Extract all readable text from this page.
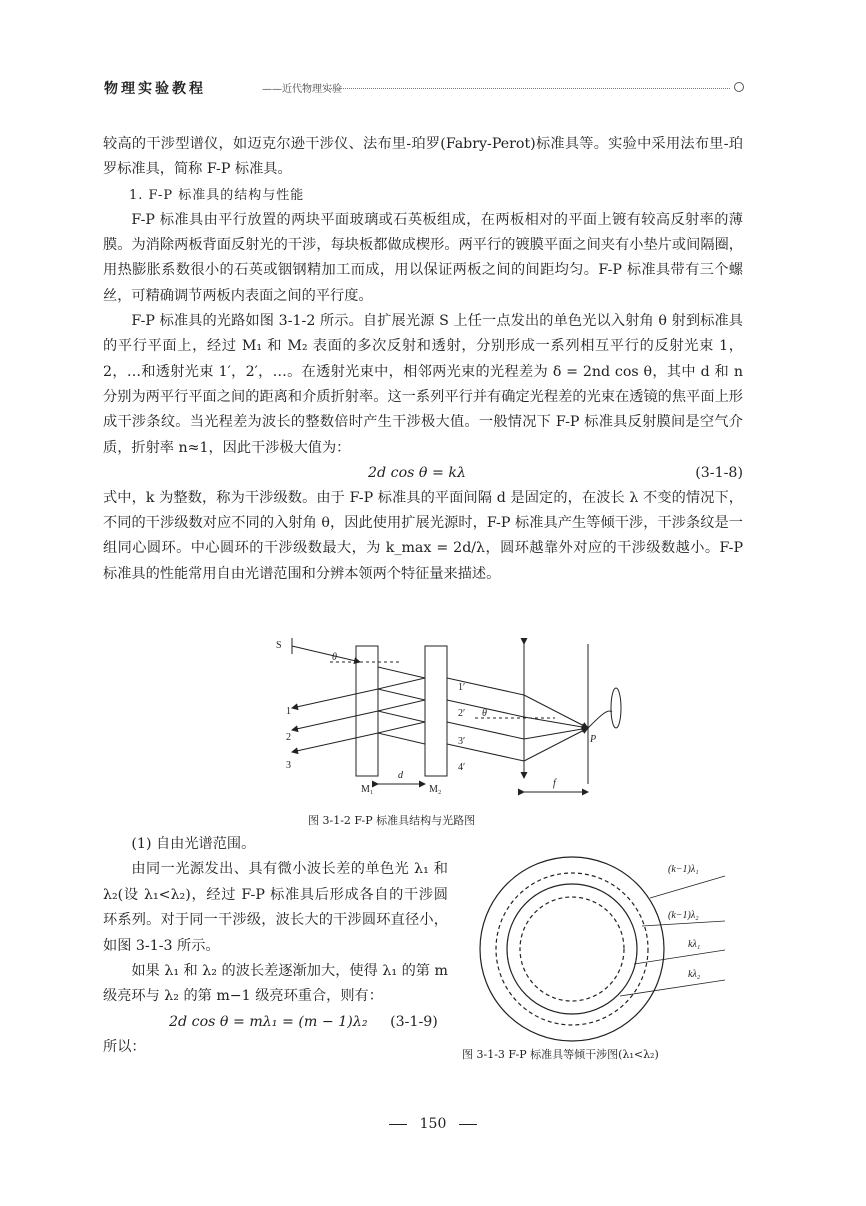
物理实验教程	——近代物理实验

较高的干涉型谱仪，如迈克尔逊干涉仪、法布里-珀罗(Fabry-Perot)标准具等。实验中采用法布里-珀罗标准具，简称 F-P 标准具。

1. F-P 标准具的结构与性能

F-P 标准具由平行放置的两块平面玻璃或石英板组成，在两板相对的平面上镀有较高反射率的薄膜。为消除两板背面反射光的干涉，每块板都做成楔形。两平行的镀膜平面之间夹有小垫片或间隔圈，用热膨胀系数很小的石英或铟钢精加工而成，用以保证两板之间的间距均匀。F-P 标准具带有三个螺丝，可精确调节两板内表面之间的平行度。

F-P 标准具的光路如图 3-1-2 所示。自扩展光源 S 上任一点发出的单色光以入射角 θ 射到标准具的平行平面上，经过 M₁ 和 M₂ 表面的多次反射和透射，分别形成一系列相互平行的反射光束 1，2，…和透射光束 1′，2′，…。在透射光束中，相邻两光束的光程差为 δ = 2nd cos θ，其中 d 和 n 分别为两平行平面之间的距离和介质折射率。这一系列平行并有确定光程差的光束在透镜的焦平面上形成干涉条纹。当光程差为波长的整数倍时产生干涉极大值。一般情况下 F-P 标准具反射膜间是空气介质，折射率 n≈1，因此干涉极大值为：

2d cos θ = kλ	(3-1-8)

式中，k 为整数，称为干涉级数。由于 F-P 标准具的平面间隔 d 是固定的，在波长 λ 不变的情况下，不同的干涉级数对应不同的入射角 θ，因此使用扩展光源时，F-P 标准具产生等倾干涉，干涉条纹是一组同心圆环。中心圆环的干涉级数最大，为 k_max = 2d/λ，圆环越靠外对应的干涉级数越小。F-P 标准具的性能常用自由光谱范围和分辨本领两个特征量来描述。

S
θ
θ
1
2
3
1′
2′
3′
4′
P
d
f
M₁	M₂
图 3-1-2 F-P 标准具结构与光路图

(1) 自由光谱范围。

由同一光源发出、具有微小波长差的单色光 λ₁ 和 λ₂(设 λ₁<λ₂)，经过 F-P 标准具后形成各自的干涉圆环系列。对于同一干涉级，波长大的干涉圆环直径小，如图 3-1-3 所示。

如果 λ₁ 和 λ₂ 的波长差逐渐加大，使得 λ₁ 的第 m 级亮环与 λ₂ 的第 m−1 级亮环重合，则有：

2d cos θ = mλ₁ = (m − 1)λ₂ (3-1-9)

所以：

(k−1)λ₁
(k−1)λ₂
kλ₁
kλ₂
图 3-1-3 F-P 标准具等倾干涉图(λ₁<λ₂)
150
